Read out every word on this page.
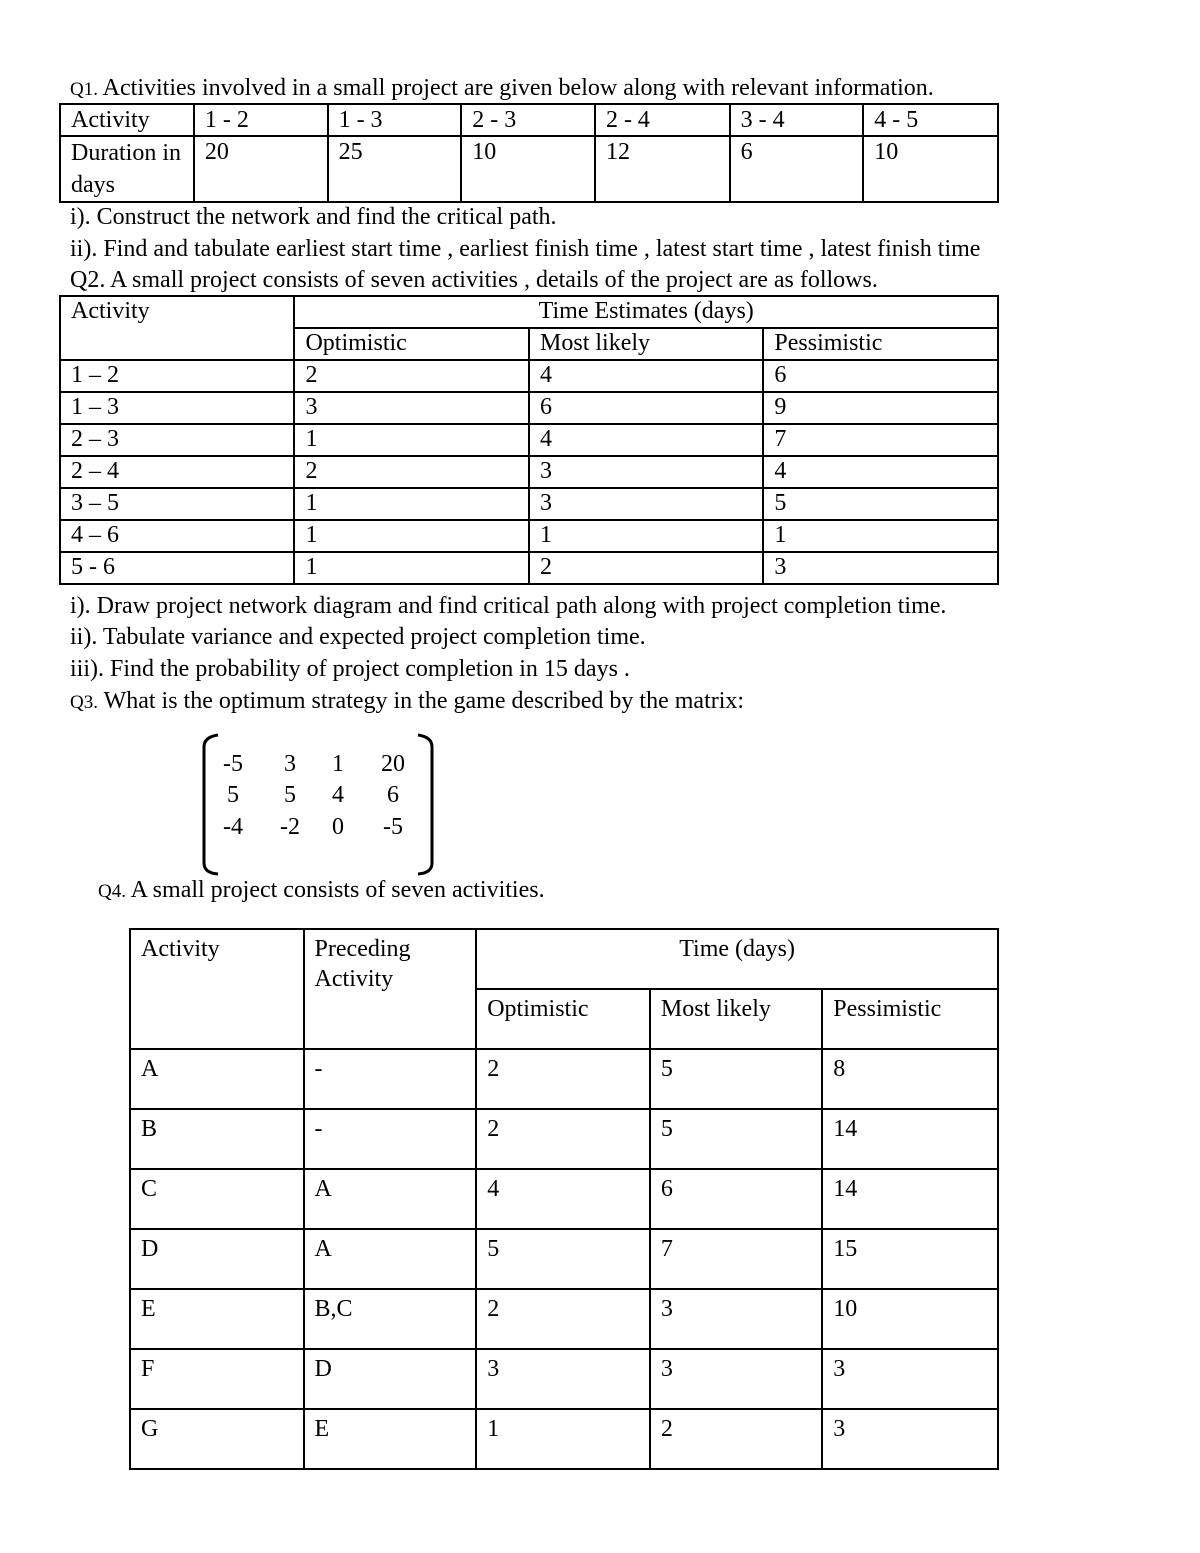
Q1. Activities involved in a small project are given below along with relevant information.
Activity	1 - 2	1 - 3	2 - 3	2 - 4	3 - 4	4 - 5
Duration in days	20	25	10	12	6	10
i). Construct the network and find the critical path.
ii). Find and tabulate earliest start time , earliest finish time , latest start time , latest finish time
Q2. A small project consists of seven activities , details of the project are as follows.
Activity	Time Estimates (days)		
	Optimistic	Most likely	Pessimistic
1 – 2	2	4	6
1 – 3	3	6	9
2 – 3	1	4	7
2 – 4	2	3	4
3 – 5	1	3	5
4 – 6	1	1	1
5 - 6	1	2	3
i). Draw project network diagram and find critical path along with project completion time.
ii). Tabulate variance and expected project completion time.
iii). Find the probability of project completion in 15 days .
Q3. What is the optimum strategy in the game described by the matrix:
-5	3	1	20
5	5	4	6
-4	-2	0	-5
Q4. A small project consists of seven activities.
Activity	Preceding Activity	Time (days)		
		Optimistic	Most likely	Pessimistic
A	-	2	5	8
B	-	2	5	14
C	A	4	6	14
D	A	5	7	15
E	B,C	2	3	10
F	D	3	3	3
G	E	1	2	3
